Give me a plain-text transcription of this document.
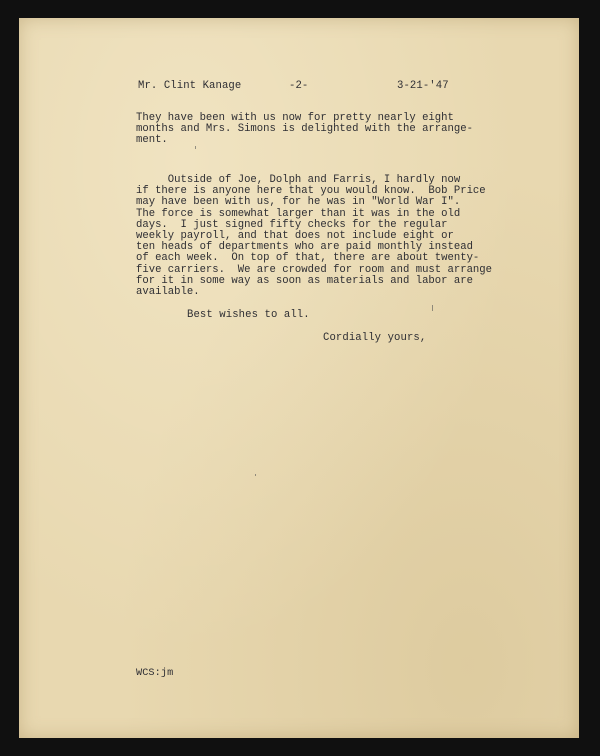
Mr. Clint Kanage	-2-	3-21-'47
They have been with us now for pretty nearly eight
months and Mrs. Simons is delighted with the arrange-
ment.
Outside of Joe, Dolph and Farris, I hardly now
if there is anyone here that you would know.  Bob Price
may have been with us, for he was in "World War I".
The force is somewhat larger than it was in the old
days.  I just signed fifty checks for the regular
weekly payroll, and that does not include eight or
ten heads of departments who are paid monthly instead
of each week.  On top of that, there are about twenty-
five carriers.  We are crowded for room and must arrange
for it in some way as soon as materials and labor are
available.
Best wishes to all.
Cordially yours,
WCS:jm
